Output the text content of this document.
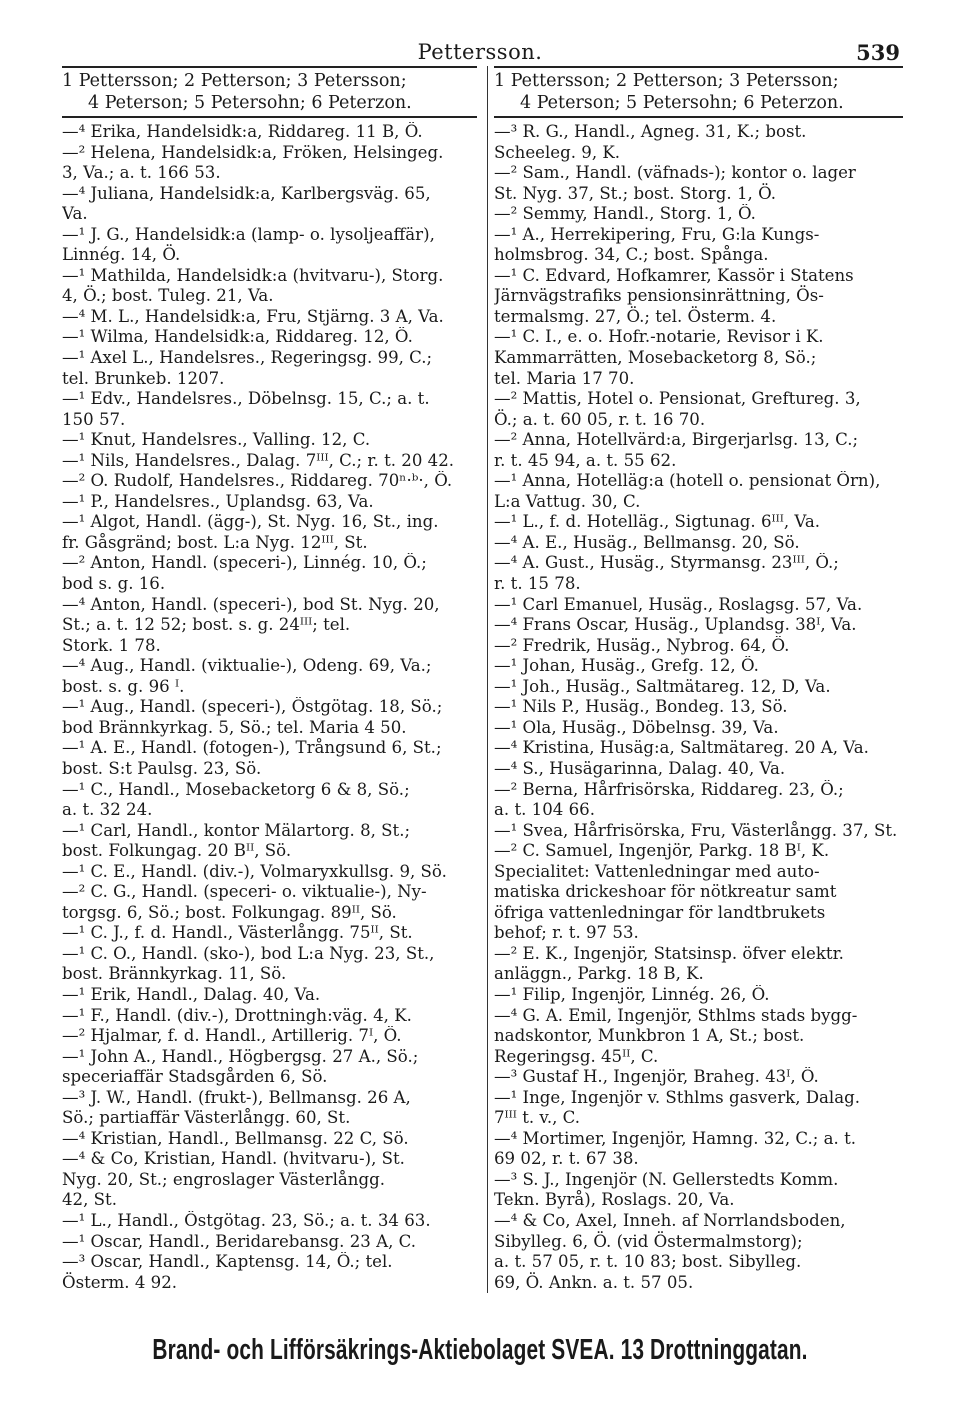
Pettersson.	539
1 Pettersson; 2 Petterson; 3 Petersson;
4 Peterson; 5 Petersohn; 6 Peterzon.
—⁴ Erika, Handelsidk:a, Riddareg. 11 B, Ö.
—² Helena, Handelsidk:a, Fröken, Helsingeg.
3, Va.; a. t. 166 53.
—⁴ Juliana, Handelsidk:a, Karlbergsväg. 65,
Va.
—¹ J. G., Handelsidk:a (lamp- o. lysoljeaffär),
Linnég. 14, Ö.
—¹ Mathilda, Handelsidk:a (hvitvaru-), Storg.
4, Ö.; bost. Tuleg. 21, Va.
—⁴ M. L., Handelsidk:a, Fru, Stjärng. 3 A, Va.
—¹ Wilma, Handelsidk:a, Riddareg. 12, Ö.
—¹ Axel L., Handelsres., Regeringsg. 99, C.;
tel. Brunkeb. 1207.
—¹ Edv., Handelsres., Döbelnsg. 15, C.; a. t.
150 57.
—¹ Knut, Handelsres., Valling. 12, C.
—¹ Nils, Handelsres., Dalag. 7ᴵᴵᴵ, C.; r. t. 20 42.
—² O. Rudolf, Handelsres., Riddareg. 70ⁿ·ᵇ·, Ö.
—¹ P., Handelsres., Uplandsg. 63, Va.
—¹ Algot, Handl. (ägg-), St. Nyg. 16, St., ing.
fr. Gåsgränd; bost. L:a Nyg. 12ᴵᴵᴵ, St.
—² Anton, Handl. (speceri-), Linnég. 10, Ö.;
bod s. g. 16.
—⁴ Anton, Handl. (speceri-), bod St. Nyg. 20,
St.; a. t. 12 52; bost. s. g. 24ᴵᴵᴵ; tel.
Stork. 1 78.
—⁴ Aug., Handl. (viktualie-), Odeng. 69, Va.;
bost. s. g. 96 ᴵ.
—¹ Aug., Handl. (speceri-), Östgötag. 18, Sö.;
bod Brännkyrkag. 5, Sö.; tel. Maria 4 50.
—¹ A. E., Handl. (fotogen-), Trångsund 6, St.;
bost. S:t Paulsg. 23, Sö.
—¹ C., Handl., Mosebacketorg 6 & 8, Sö.;
a. t. 32 24.
—¹ Carl, Handl., kontor Mälartorg. 8, St.;
bost. Folkungag. 20 Bᴵᴵ, Sö.
—¹ C. E., Handl. (div.-), Volmaryxkullsg. 9, Sö.
—² C. G., Handl. (speceri- o. viktualie-), Ny-
torgsg. 6, Sö.; bost. Folkungag. 89ᴵᴵ, Sö.
—¹ C. J., f. d. Handl., Västerlångg. 75ᴵᴵ, St.
—¹ C. O., Handl. (sko-), bod L:a Nyg. 23, St.,
bost. Brännkyrkag. 11, Sö.
—¹ Erik, Handl., Dalag. 40, Va.
—¹ F., Handl. (div.-), Drottningh:väg. 4, K.
—² Hjalmar, f. d. Handl., Artillerig. 7ᴵ, Ö.
—¹ John A., Handl., Högbergsg. 27 A., Sö.;
speceriaffär Stadsgården 6, Sö.
—³ J. W., Handl. (frukt-), Bellmansg. 26 A,
Sö.; partiaffär Västerlångg. 60, St.
—⁴ Kristian, Handl., Bellmansg. 22 C, Sö.
—⁴ & Co, Kristian, Handl. (hvitvaru-), St.
Nyg. 20, St.; engroslager Västerlångg.
42, St.
—¹ L., Handl., Östgötag. 23, Sö.; a. t. 34 63.
—¹ Oscar, Handl., Beridarebansg. 23 A, C.
—³ Oscar, Handl., Kaptensg. 14, Ö.; tel.
Österm. 4 92.
1 Pettersson; 2 Petterson; 3 Petersson;
4 Peterson; 5 Petersohn; 6 Peterzon.
—³ R. G., Handl., Agneg. 31, K.; bost.
Scheeleg. 9, K.
—² Sam., Handl. (väfnads-); kontor o. lager
St. Nyg. 37, St.; bost. Storg. 1, Ö.
—² Semmy, Handl., Storg. 1, Ö.
—¹ A., Herrekipering, Fru, G:la Kungs-
holmsbrog. 34, C.; bost. Spånga.
—¹ C. Edvard, Hofkamrer, Kassör i Statens
Järnvägstrafiks pensionsinrättning, Ös-
termalsmg. 27, Ö.; tel. Österm. 4.
—¹ C. I., e. o. Hofr.-notarie, Revisor i K.
Kammarrätten, Mosebacketorg 8, Sö.;
tel. Maria 17 70.
—² Mattis, Hotel o. Pensionat, Greftureg. 3,
Ö.; a. t. 60 05, r. t. 16 70.
—² Anna, Hotellvärd:a, Birgerjarlsg. 13, C.;
r. t. 45 94, a. t. 55 62.
—¹ Anna, Hotelläg:a (hotell o. pensionat Örn),
L:a Vattug. 30, C.
—¹ L., f. d. Hotelläg., Sigtunag. 6ᴵᴵᴵ, Va.
—⁴ A. E., Husäg., Bellmansg. 20, Sö.
—⁴ A. Gust., Husäg., Styrmansg. 23ᴵᴵᴵ, Ö.;
r. t. 15 78.
—¹ Carl Emanuel, Husäg., Roslagsg. 57, Va.
—⁴ Frans Oscar, Husäg., Uplandsg. 38ᴵ, Va.
—² Fredrik, Husäg., Nybrog. 64, Ö.
—¹ Johan, Husäg., Grefg. 12, Ö.
—¹ Joh., Husäg., Saltmätareg. 12, D, Va.
—¹ Nils P., Husäg., Bondeg. 13, Sö.
—¹ Ola, Husäg., Döbelnsg. 39, Va.
—⁴ Kristina, Husäg:a, Saltmätareg. 20 A, Va.
—⁴ S., Husägarinna, Dalag. 40, Va.
—² Berna, Hårfrisörska, Riddareg. 23, Ö.;
a. t. 104 66.
—¹ Svea, Hårfrisörska, Fru, Västerlångg. 37, St.
—² C. Samuel, Ingenjör, Parkg. 18 Bᴵ, K.
Specialitet: Vattenledningar med auto-
matiska drickeshoar för nötkreatur samt
öfriga vattenledningar för landtbrukets
behof; r. t. 97 53.
—² E. K., Ingenjör, Statsinsp. öfver elektr.
anläggn., Parkg. 18 B, K.
—¹ Filip, Ingenjör, Linnég. 26, Ö.
—⁴ G. A. Emil, Ingenjör, Sthlms stads bygg-
nadskontor, Munkbron 1 A, St.; bost.
Regeringsg. 45ᴵᴵ, C.
—³ Gustaf H., Ingenjör, Braheg. 43ᴵ, Ö.
—¹ Inge, Ingenjör v. Sthlms gasverk, Dalag.
7ᴵᴵᴵ t. v., C.
—⁴ Mortimer, Ingenjör, Hamng. 32, C.; a. t.
69 02, r. t. 67 38.
—³ S. J., Ingenjör (N. Gellerstedts Komm.
Tekn. Byrå), Roslags. 20, Va.
—⁴ & Co, Axel, Inneh. af Norrlandsboden,
Sibylleg. 6, Ö. (vid Östermalmstorg);
a. t. 57 05, r. t. 10 83; bost. Sibylleg.
69, Ö. Ankn. a. t. 57 05.
Brand- och Lifförsäkrings-Aktiebolaget SVEA. 13 Drottninggatan.
